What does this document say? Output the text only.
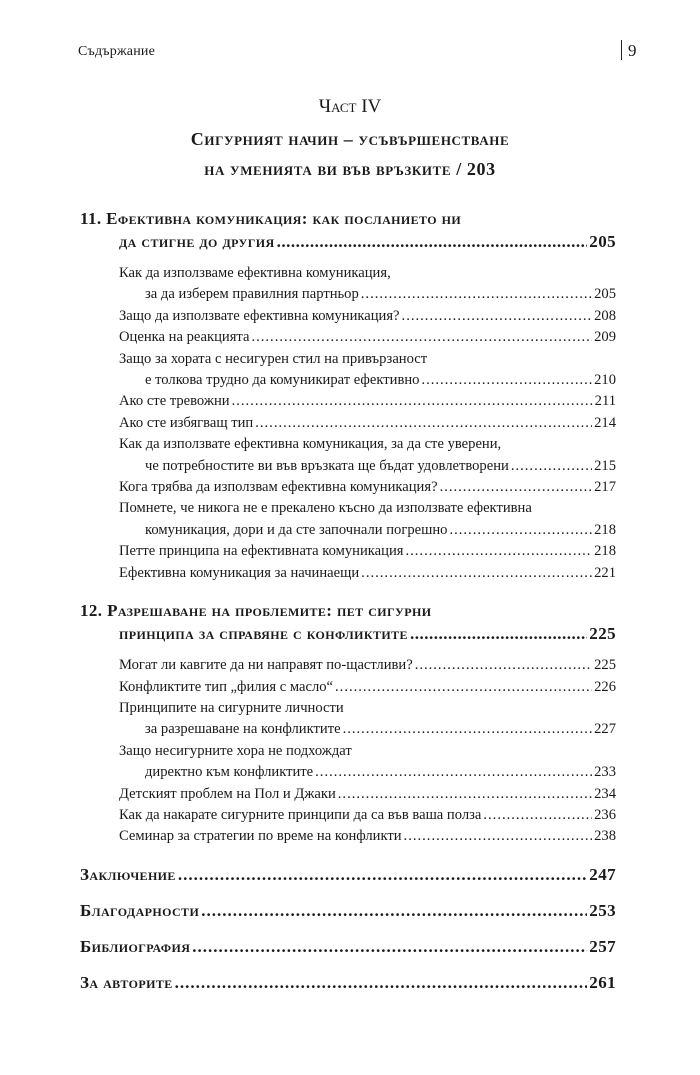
Съдържание	9
Част IV
Сигурният начин – усъвършенстване
на уменията ви във връзките / 203
11. Ефективна комуникация: как посланието ни
да стигне до другия .....	205
Как да използваме ефективна комуникация,
за да изберем правилния партньор .....	205
Защо да използвате ефективна комуникация? .....	208
Оценка на реакцията .....	209
Защо за хората с несигурен стил на привързаност
е толкова трудно да комуникират ефективно .....	210
Ако сте тревожни .....	211
Ако сте избягващ тип .....	214
Как да използвате ефективна комуникация, за да сте уверени,
че потребностите ви във връзката ще бъдат удовлетворени .....	215
Кога трябва да използвам ефективна комуникация? .....	217
Помнете, че никога не е прекалено късно да използвате ефективна
комуникация, дори и да сте започнали погрешно .....	218
Петте принципа на ефективната комуникация .....	218
Ефективна комуникация за начинаещи .....	221
12. Разрешаване на проблемите: пет сигурни
принципа за справяне с конфликтите .....	225
Могат ли кавгите да ни направят по-щастливи? .....	225
Конфликтите тип „филия с масло“ .....	226
Принципите на сигурните личности
за разрешаване на конфликтите .....	227
Защо несигурните хора не подхождат
директно към конфликтите .....	233
Детският проблем на Пол и Джаки .....	234
Как да накарате сигурните принципи да са във ваша полза .....	236
Семинар за стратегии по време на конфликти .....	238
Заключение .....	247
Благодарности .....	253
Библиография .....	257
За авторите .....	261
